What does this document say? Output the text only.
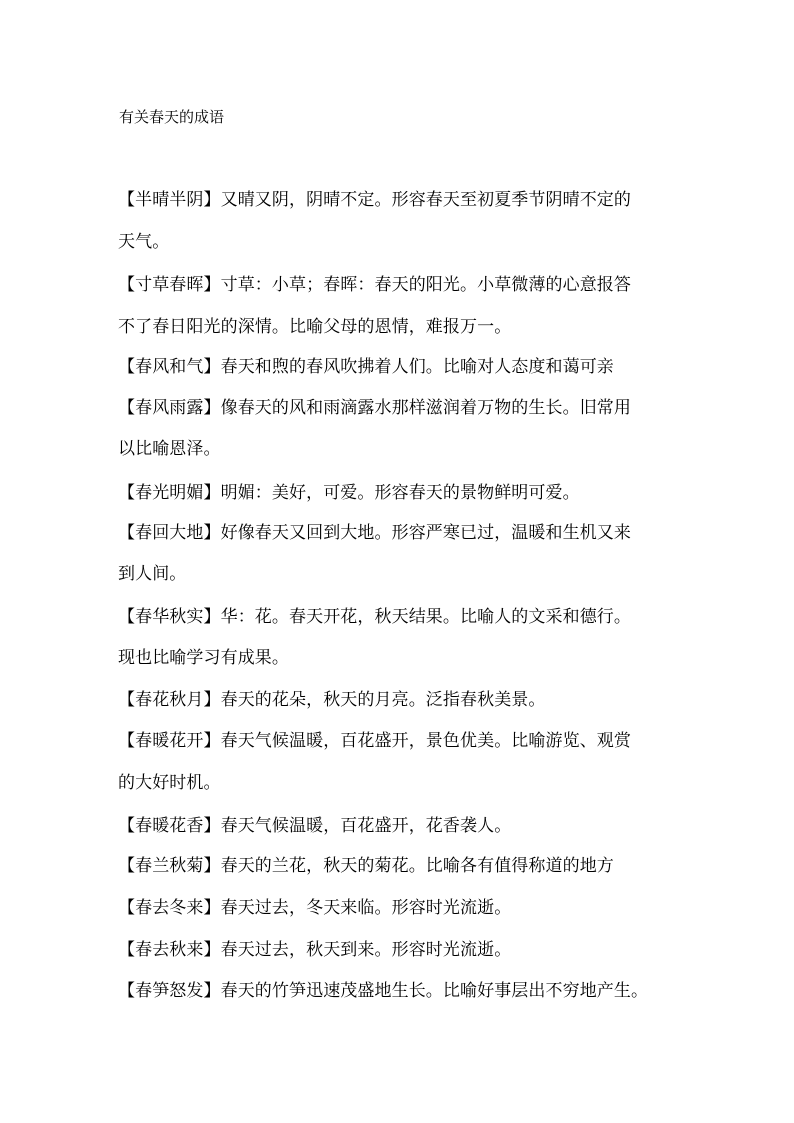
有关春天的成语
【半晴半阴】又晴又阴，阴晴不定。形容春天至初夏季节阴晴不定的
天气。
【寸草春晖】寸草：小草；春晖：春天的阳光。小草微薄的心意报答
不了春日阳光的深情。比喻父母的恩情，难报万一。
【春风和气】春天和煦的春风吹拂着人们。比喻对人态度和蔼可亲
【春风雨露】像春天的风和雨滴露水那样滋润着万物的生长。旧常用
以比喻恩泽。
【春光明媚】明媚：美好，可爱。形容春天的景物鲜明可爱。
【春回大地】好像春天又回到大地。形容严寒已过，温暖和生机又来
到人间。
【春华秋实】华：花。春天开花，秋天结果。比喻人的文采和德行。
现也比喻学习有成果。
【春花秋月】春天的花朵，秋天的月亮。泛指春秋美景。
【春暖花开】春天气候温暖，百花盛开，景色优美。比喻游览、观赏
的大好时机。
【春暖花香】春天气候温暖，百花盛开，花香袭人。
【春兰秋菊】春天的兰花，秋天的菊花。比喻各有值得称道的地方
【春去冬来】春天过去，冬天来临。形容时光流逝。
【春去秋来】春天过去，秋天到来。形容时光流逝。
【春笋怒发】春天的竹笋迅速茂盛地生长。比喻好事层出不穷地产生。
